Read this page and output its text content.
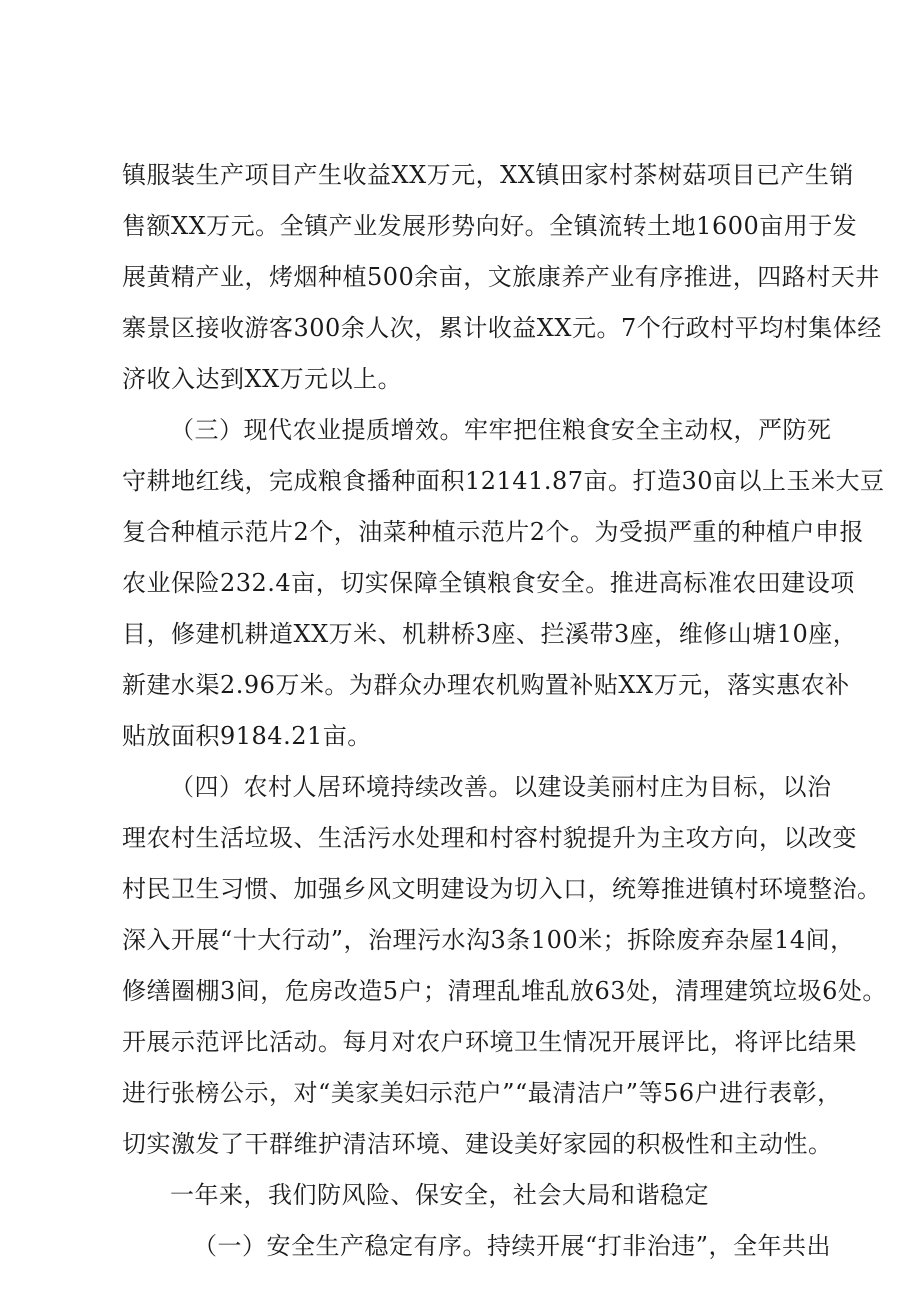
镇服装生产项目产生收益XX万元，XX镇田家村茶树菇项目已产生销
售额XX万元。全镇产业发展形势向好。全镇流转土地1600亩用于发
展黄精产业，烤烟种植500余亩，文旅康养产业有序推进，四路村天井
寨景区接收游客300余人次，累计收益XX元。7个行政村平均村集体经
济收入达到XX万元以上。
（三）现代农业提质增效。牢牢把住粮食安全主动权，严防死
守耕地红线，完成粮食播种面积12141.87亩。打造30亩以上玉米大豆
复合种植示范片2个，油菜种植示范片2个。为受损严重的种植户申报
农业保险232.4亩，切实保障全镇粮食安全。推进高标准农田建设项
目，修建机耕道XX万米、机耕桥3座、拦溪带3座，维修山塘10座，
新建水渠2.96万米。为群众办理农机购置补贴XX万元，落实惠农补
贴放面积9184.21亩。
（四）农村人居环境持续改善。以建设美丽村庄为目标，以治
理农村生活垃圾、生活污水处理和村容村貌提升为主攻方向，以改变
村民卫生习惯、加强乡风文明建设为切入口，统筹推进镇村环境整治。
深入开展“十大行动”，治理污水沟3条100米；拆除废弃杂屋14间，
修缮圈棚3间，危房改造5户；清理乱堆乱放63处，清理建筑垃圾6处。
开展示范评比活动。每月对农户环境卫生情况开展评比，将评比结果
进行张榜公示，对“美家美妇示范户”“最清洁户”等56户进行表彰，
切实激发了干群维护清洁环境、建设美好家园的积极性和主动性。
一年来，我们防风险、保安全，社会大局和谐稳定
（一）安全生产稳定有序。持续开展“打非治违”，全年共出
